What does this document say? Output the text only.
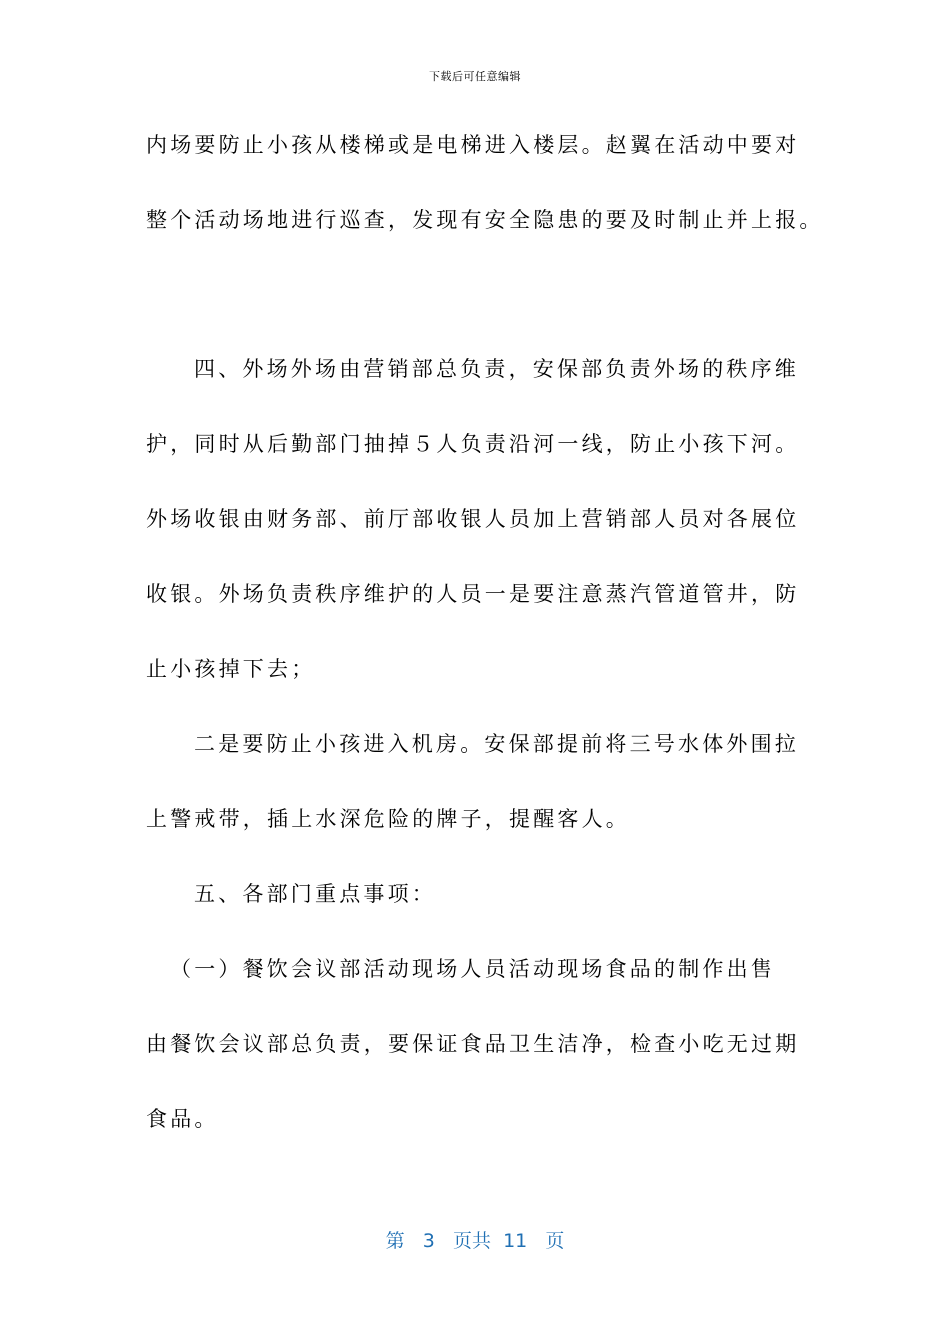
下载后可任意编辑
内场要防止小孩从楼梯或是电梯进入楼层。赵翼在活动中要对
整个活动场地进行巡查，发现有安全隐患的要及时制止并上报。
四、外场外场由营销部总负责，安保部负责外场的秩序维
护，同时从后勤部门抽掉５人负责沿河一线，防止小孩下河。
外场收银由财务部、前厅部收银人员加上营销部人员对各展位
收银。外场负责秩序维护的人员一是要注意蒸汽管道管井，防
止小孩掉下去；
二是要防止小孩进入机房。安保部提前将三号水体外围拉
上警戒带，插上水深危险的牌子，提醒客人。
五、各部门重点事项：
（一）餐饮会议部活动现场人员活动现场食品的制作出售
由餐饮会议部总负责，要保证食品卫生洁净，检查小吃无过期
食品。
第 3 页共 11 页
